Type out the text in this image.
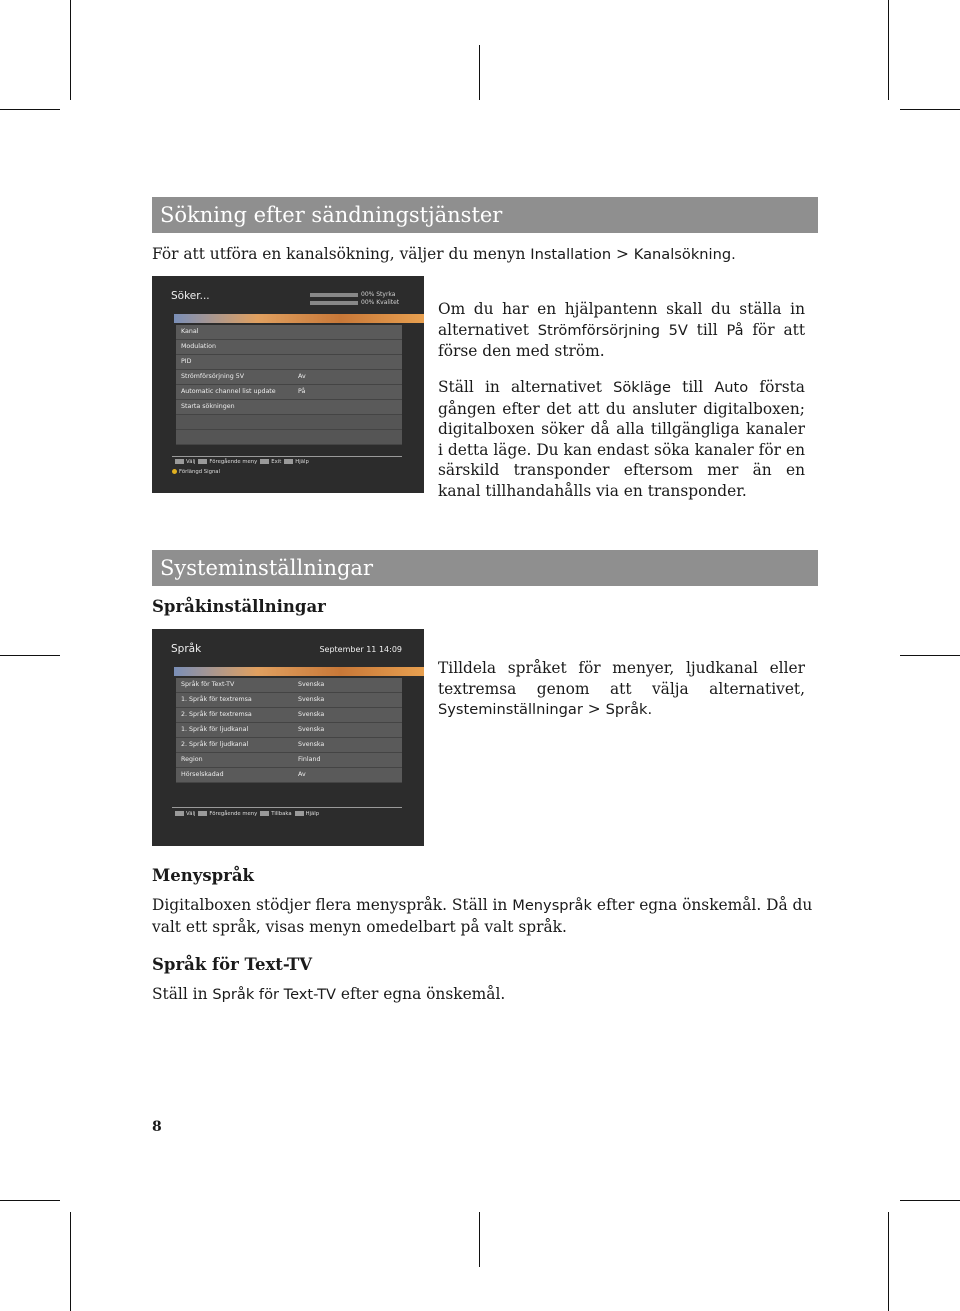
Sökning efter sändningstjänster
För att utföra en kanalsökning, väljer du menyn Installation > Kanalsökning.
Söker...	00% Styrka
00% Kvalitet
Kanal
Modulation
PID
Strömförsörjning 5V	Av
Automatic channel list update	På
Starta sökningen
Välj	Föregående meny	Exit	Hjälp
Förlängd Signal
Om du har en hjälpantenn skall du ställa in alternativet Strömförsörjning 5V till På för att förse den med ström.
Ställ in alternativet Sökläge till Auto första gången efter det att du ansluter digitalboxen; digitalboxen söker då alla tillgängliga kanaler i detta läge. Du kan endast söka kanaler för en särskild transponder eftersom mer än en kanal tillhandahålls via en transponder.
Systeminställningar
Språkinställningar
Språk	September 11 14:09
Språk för Text-TV	Svenska
1. Språk för textremsa	Svenska
2. Språk för textremsa	Svenska
1. Språk för ljudkanal	Svenska
2. Språk för ljudkanal	Svenska
Region	Finland
Hörselskadad	Av
Välj	Föregående meny	Tillbaka	Hjälp
Tilldela språket för menyer, ljudkanal eller textremsa genom att välja alternativet, Systeminställningar > Språk.
Menyspråk
Digitalboxen stödjer flera menyspråk. Ställ in Menyspråk efter egna önskemål. Då du valt ett språk, visas menyn omedelbart på valt språk.
Språk för Text-TV
Ställ in Språk för Text-TV efter egna önskemål.
8
